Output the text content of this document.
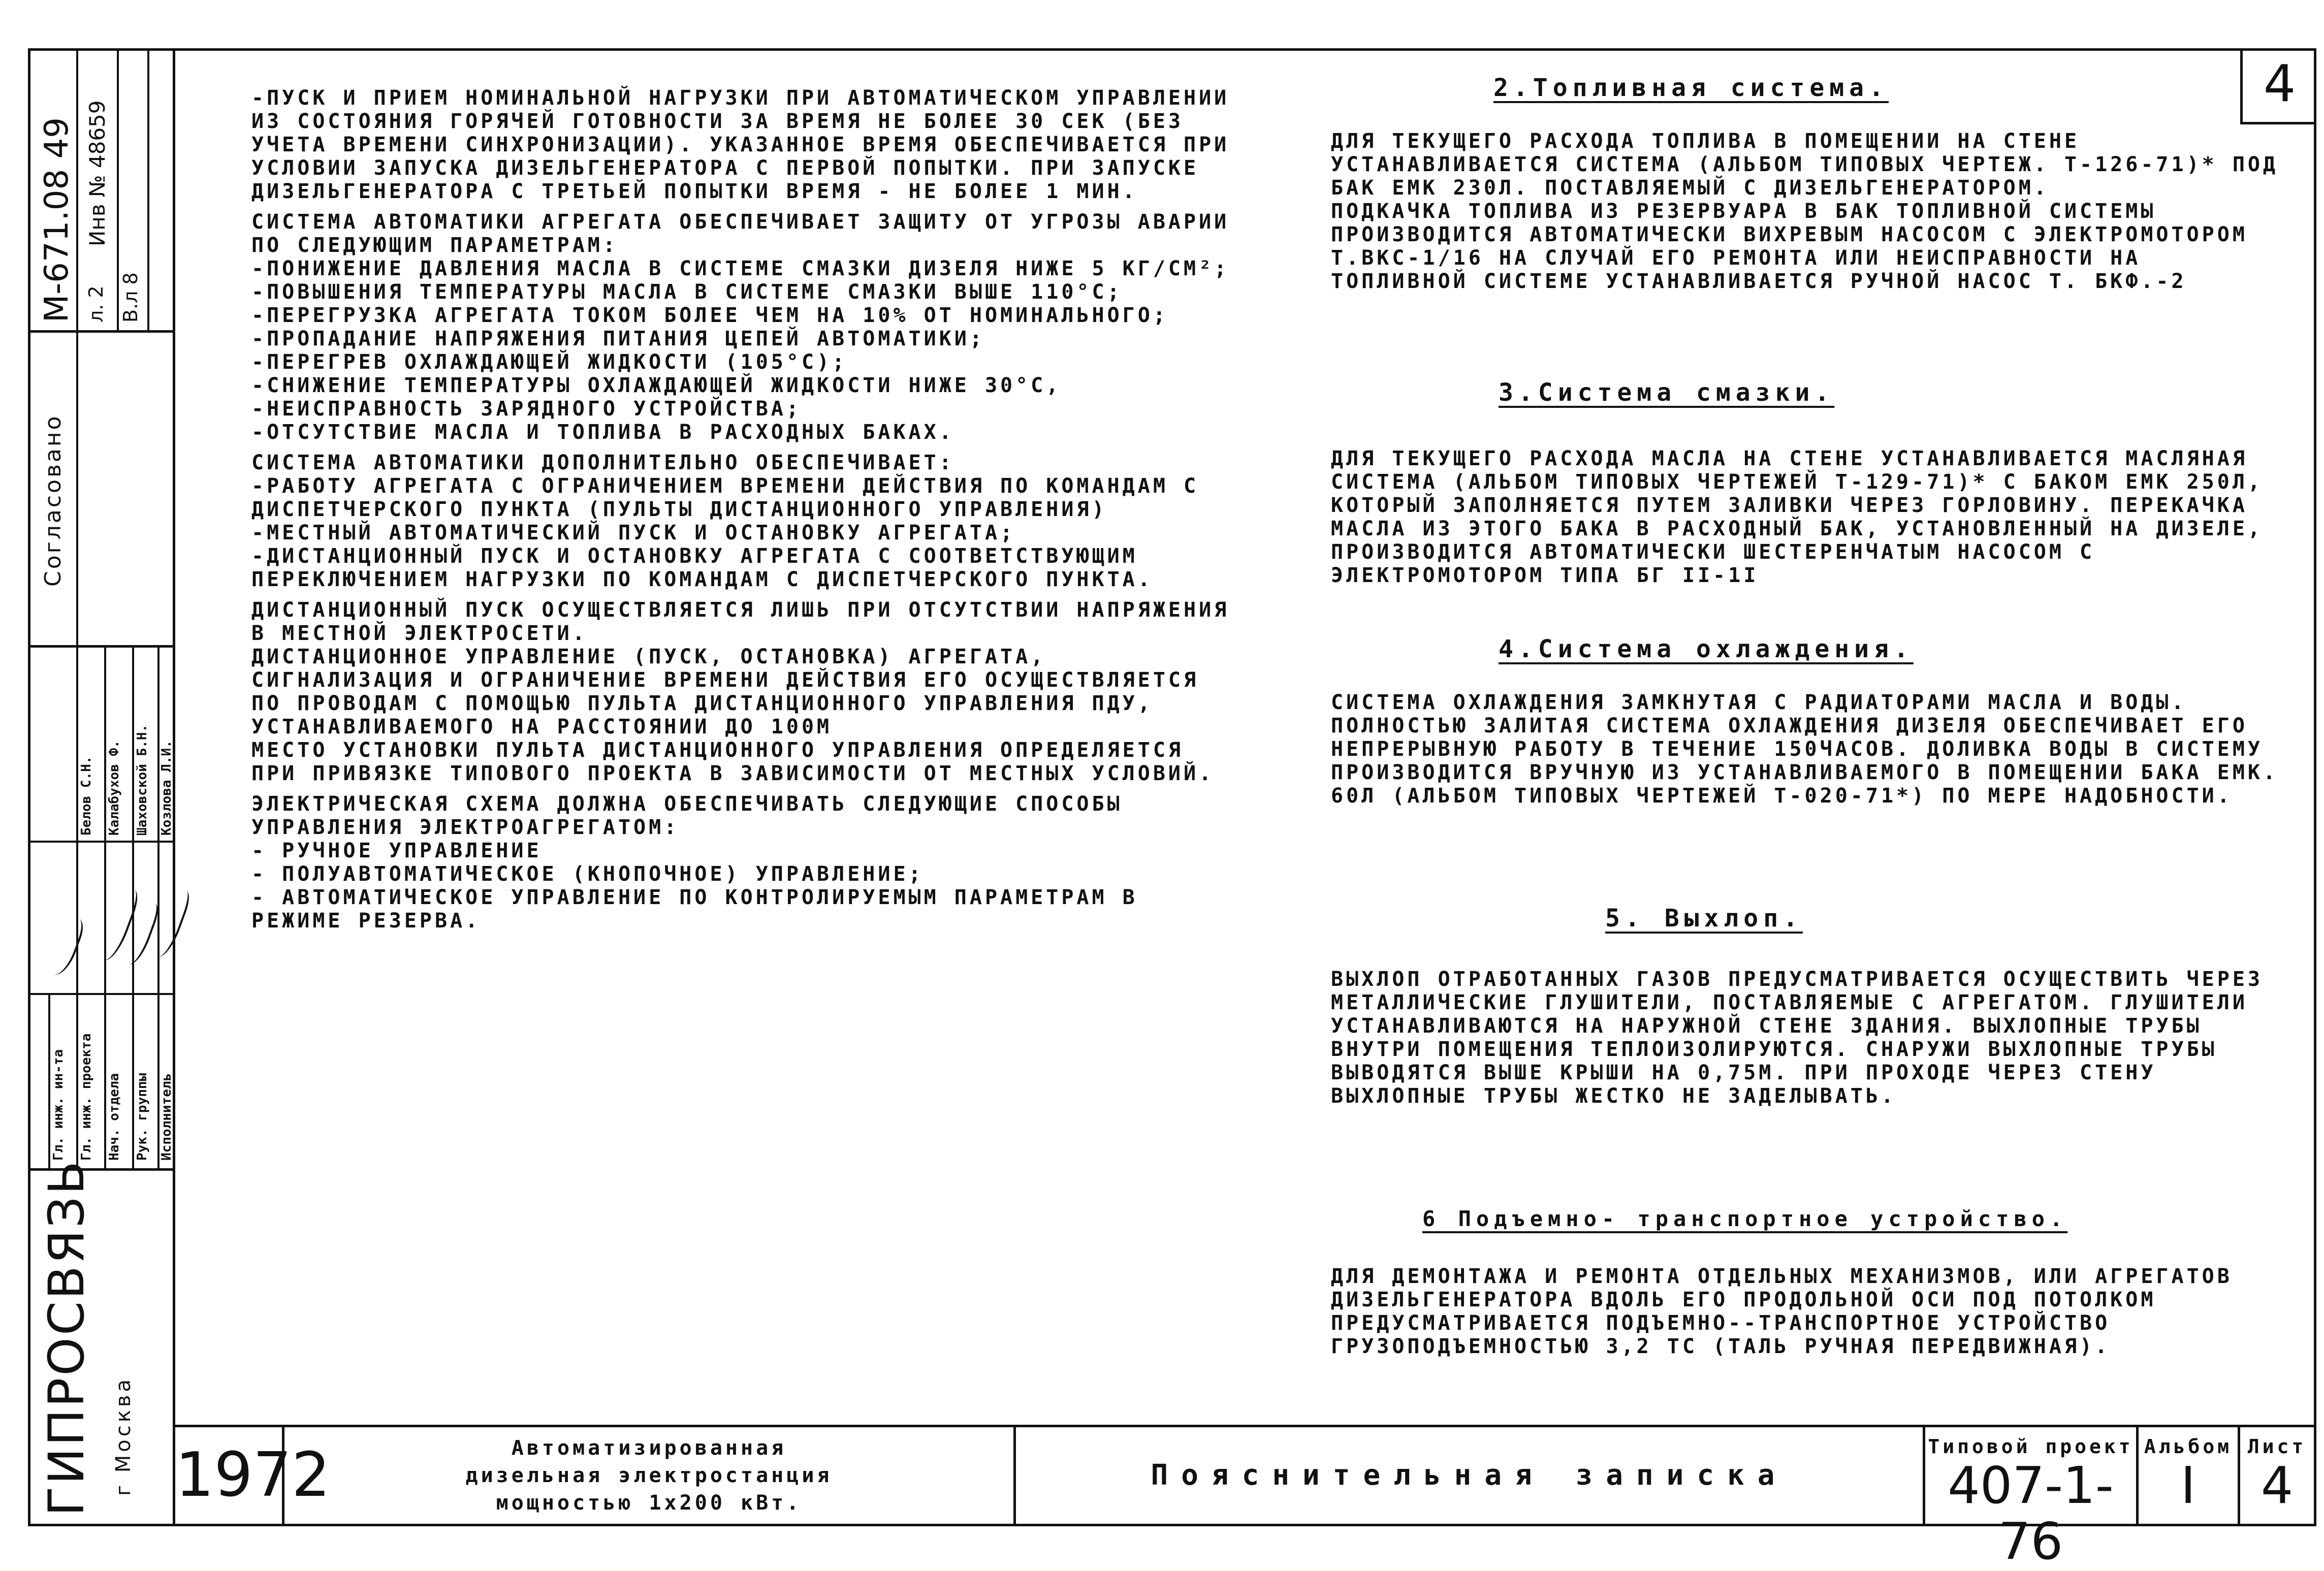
М-671.08 49 Инв № 48659
л. 2 В.л 8
Согласовано
Гл. инж. ин-та Гл. инж. проекта Нач. отдела Рук. группы Исполнитель
Белов С.Н. Калабухов Ф. Шаховской Б.Н. Козлова Л.И.
ГИПРОСВЯЗЬ г Москва
4

-ПУСК И ПРИЕМ НОМИНАЛЬНОЙ НАГРУЗКИ ПРИ АВТОМАТИЧЕСКОМ УПРАВЛЕНИИ ИЗ СОСТОЯНИЯ ГОРЯЧЕЙ ГОТОВНОСТИ ЗА ВРЕМЯ НЕ БОЛЕЕ 30 СЕК (БЕЗ УЧЕТА ВРЕМЕНИ СИНХРОНИЗАЦИИ). УКАЗАННОЕ ВРЕМЯ ОБЕСПЕЧИВАЕТСЯ ПРИ УСЛОВИИ ЗАПУСКА ДИЗЕЛЬГЕНЕРАТОРА С ПЕРВОЙ ПОПЫТКИ. ПРИ ЗАПУСКЕ ДИЗЕЛЬГЕНЕРАТОРА С ТРЕТЬЕЙ ПОПЫТКИ ВРЕМЯ - НЕ БОЛЕЕ 1 МИН.

СИСТЕМА АВТОМАТИКИ АГРЕГАТА ОБЕСПЕЧИВАЕТ ЗАЩИТУ ОТ УГРОЗЫ АВАРИИ ПО СЛЕДУЮЩИМ ПАРАМЕТРАМ:
-ПОНИЖЕНИЕ ДАВЛЕНИЯ МАСЛА В СИСТЕМЕ СМАЗКИ ДИЗЕЛЯ НИЖЕ 5 КГ/СМ²;
-ПОВЫШЕНИЯ ТЕМПЕРАТУРЫ МАСЛА В СИСТЕМЕ СМАЗКИ ВЫШЕ 110°С;
-ПЕРЕГРУЗКА АГРЕГАТА ТОКОМ БОЛЕЕ ЧЕМ НА 10% ОТ НОМИНАЛЬНОГО;
-ПРОПАДАНИЕ НАПРЯЖЕНИЯ ПИТАНИЯ ЦЕПЕЙ АВТОМАТИКИ;
-ПЕРЕГРЕВ ОХЛАЖДАЮЩЕЙ ЖИДКОСТИ (105°С);
-СНИЖЕНИЕ ТЕМПЕРАТУРЫ ОХЛАЖДАЮЩЕЙ ЖИДКОСТИ НИЖЕ 30°С,
-НЕИСПРАВНОСТЬ ЗАРЯДНОГО УСТРОЙСТВА;
-ОТСУТСТВИЕ МАСЛА И ТОПЛИВА В РАСХОДНЫХ БАКАХ.

СИСТЕМА АВТОМАТИКИ ДОПОЛНИТЕЛЬНО ОБЕСПЕЧИВАЕТ:
-РАБОТУ АГРЕГАТА С ОГРАНИЧЕНИЕМ ВРЕМЕНИ ДЕЙСТВИЯ ПО КОМАНДАМ С ДИСПЕТЧЕРСКОГО ПУНКТА (ПУЛЬТЫ ДИСТАНЦИОННОГО УПРАВЛЕНИЯ)
-МЕСТНЫЙ АВТОМАТИЧЕСКИЙ ПУСК И ОСТАНОВКУ АГРЕГАТА;
-ДИСТАНЦИОННЫЙ ПУСК И ОСТАНОВКУ АГРЕГАТА С СООТВЕТСТВУЮЩИМ ПЕРЕКЛЮЧЕНИЕМ НАГРУЗКИ ПО КОМАНДАМ С ДИСПЕТЧЕРСКОГО ПУНКТА.

ДИСТАНЦИОННЫЙ ПУСК ОСУЩЕСТВЛЯЕТСЯ ЛИШЬ ПРИ ОТСУТСТВИИ НАПРЯЖЕНИЯ В МЕСТНОЙ ЭЛЕКТРОСЕТИ.
ДИСТАНЦИОННОЕ УПРАВЛЕНИЕ (ПУСК, ОСТАНОВКА) АГРЕГАТА, СИГНАЛИЗАЦИЯ И ОГРАНИЧЕНИЕ ВРЕМЕНИ ДЕЙСТВИЯ ЕГО ОСУЩЕСТВЛЯЕТСЯ ПО ПРОВОДАМ С ПОМОЩЬЮ ПУЛЬТА ДИСТАНЦИОННОГО УПРАВЛЕНИЯ ПДУ, УСТАНАВЛИВАЕМОГО НА РАССТОЯНИИ ДО 100М
МЕСТО УСТАНОВКИ ПУЛЬТА ДИСТАНЦИОННОГО УПРАВЛЕНИЯ ОПРЕДЕЛЯЕТСЯ ПРИ ПРИВЯЗКЕ ТИПОВОГО ПРОЕКТА В ЗАВИСИМОСТИ ОТ МЕСТНЫХ УСЛОВИЙ.

ЭЛЕКТРИЧЕСКАЯ СХЕМА ДОЛЖНА ОБЕСПЕЧИВАТЬ СЛЕДУЮЩИЕ СПОСОБЫ УПРАВЛЕНИЯ ЭЛЕКТРОАГРЕГАТОМ:
- РУЧНОЕ УПРАВЛЕНИЕ
- ПОЛУАВТОМАТИЧЕСКОЕ (КНОПОЧНОЕ) УПРАВЛЕНИЕ;
- АВТОМАТИЧЕСКОЕ УПРАВЛЕНИЕ ПО КОНТРОЛИРУЕМЫМ ПАРАМЕТРАМ В РЕЖИМЕ РЕЗЕРВА.

2.Топливная система.

ДЛЯ ТЕКУЩЕГО РАСХОДА ТОПЛИВА В ПОМЕЩЕНИИ НА СТЕНЕ УСТАНАВЛИВАЕТСЯ СИСТЕМА (АЛЬБОМ ТИПОВЫХ ЧЕРТЕЖ. Т-126-71)* ПОД БАК ЕМК 230Л. ПОСТАВЛЯЕМЫЙ С ДИЗЕЛЬГЕНЕРАТОРОМ.
ПОДКАЧКА ТОПЛИВА ИЗ РЕЗЕРВУАРА В БАК ТОПЛИВНОЙ СИСТЕМЫ ПРОИЗВОДИТСЯ АВТОМАТИЧЕСКИ ВИХРЕВЫМ НАСОСОМ С ЭЛЕКТРОМОТОРОМ Т.ВКС-1/16 НА СЛУЧАЙ ЕГО РЕМОНТА ИЛИ НЕИСПРАВНОСТИ НА ТОПЛИВНОЙ СИСТЕМЕ УСТАНАВЛИВАЕТСЯ РУЧНОЙ НАСОС Т. БКФ.-2

3.Система смазки.

ДЛЯ ТЕКУЩЕГО РАСХОДА МАСЛА НА СТЕНЕ УСТАНАВЛИВАЕТСЯ МАСЛЯНАЯ СИСТЕМА (АЛЬБОМ ТИПОВЫХ ЧЕРТЕЖЕЙ Т-129-71)* С БАКОМ ЕМК 250Л, КОТОРЫЙ ЗАПОЛНЯЕТСЯ ПУТЕМ ЗАЛИВКИ ЧЕРЕЗ ГОРЛОВИНУ. ПЕРЕКАЧКА МАСЛА ИЗ ЭТОГО БАКА В РАСХОДНЫЙ БАК, УСТАНОВЛЕННЫЙ НА ДИЗЕЛЕ, ПРОИЗВОДИТСЯ АВТОМАТИЧЕСКИ ШЕСТЕРЕНЧАТЫМ НАСОСОМ С ЭЛЕКТРОМОТОРОМ ТИПА БГ II-1І

4.Система охлаждения.

СИСТЕМА ОХЛАЖДЕНИЯ ЗАМКНУТАЯ С РАДИАТОРАМИ МАСЛА И ВОДЫ. ПОЛНОСТЬЮ ЗАЛИТАЯ СИСТЕМА ОХЛАЖДЕНИЯ ДИЗЕЛЯ ОБЕСПЕЧИВАЕТ ЕГО НЕПРЕРЫВНУЮ РАБОТУ В ТЕЧЕНИЕ 150ЧАСОВ. ДОЛИВКА ВОДЫ В СИСТЕМУ ПРОИЗВОДИТСЯ ВРУЧНУЮ ИЗ УСТАНАВЛИВАЕМОГО В ПОМЕЩЕНИИ БАКА ЕМК. 60Л (АЛЬБОМ ТИПОВЫХ ЧЕРТЕЖЕЙ Т-020-71*) ПО МЕРЕ НАДОБНОСТИ.

5. Выхлоп.

ВЫХЛОП ОТРАБОТАННЫХ ГАЗОВ ПРЕДУСМАТРИВАЕТСЯ ОСУЩЕСТВИТЬ ЧЕРЕЗ МЕТАЛЛИЧЕСКИЕ ГЛУШИТЕЛИ, ПОСТАВЛЯЕМЫЕ С АГРЕГАТОМ. ГЛУШИТЕЛИ УСТАНАВЛИВАЮТСЯ НА НАРУЖНОЙ СТЕНЕ ЗДАНИЯ. ВЫХЛОПНЫЕ ТРУБЫ ВНУТРИ ПОМЕЩЕНИЯ ТЕПЛОИЗОЛИРУЮТСЯ. СНАРУЖИ ВЫХЛОПНЫЕ ТРУБЫ ВЫВОДЯТСЯ ВЫШЕ КРЫШИ НА 0,75М. ПРИ ПРОХОДЕ ЧЕРЕЗ СТЕНУ ВЫХЛОПНЫЕ ТРУБЫ ЖЕСТКО НЕ ЗАДЕЛЫВАТЬ.

6 Подъемно- транспортное устройство.

ДЛЯ ДЕМОНТАЖА И РЕМОНТА ОТДЕЛЬНЫХ МЕХАНИЗМОВ, ИЛИ АГРЕГАТОВ ДИЗЕЛЬГЕНЕРАТОРА ВДОЛЬ ЕГО ПРОДОЛЬНОЙ ОСИ ПОД ПОТОЛКОМ ПРЕДУСМАТРИВАЕТСЯ ПОДЪЕМНО--ТРАНСПОРТНОЕ УСТРОЙСТВО ГРУЗОПОДЪЕМНОСТЬЮ 3,2 ТС (ТАЛЬ РУЧНАЯ ПЕРЕДВИЖНАЯ).

1972	Автоматизированная
дизельная электростанция
мощностью 1x200 кВт.
Пояснительная записка
Типовой проект
407-1-76
Альбом
I
Лист
4
